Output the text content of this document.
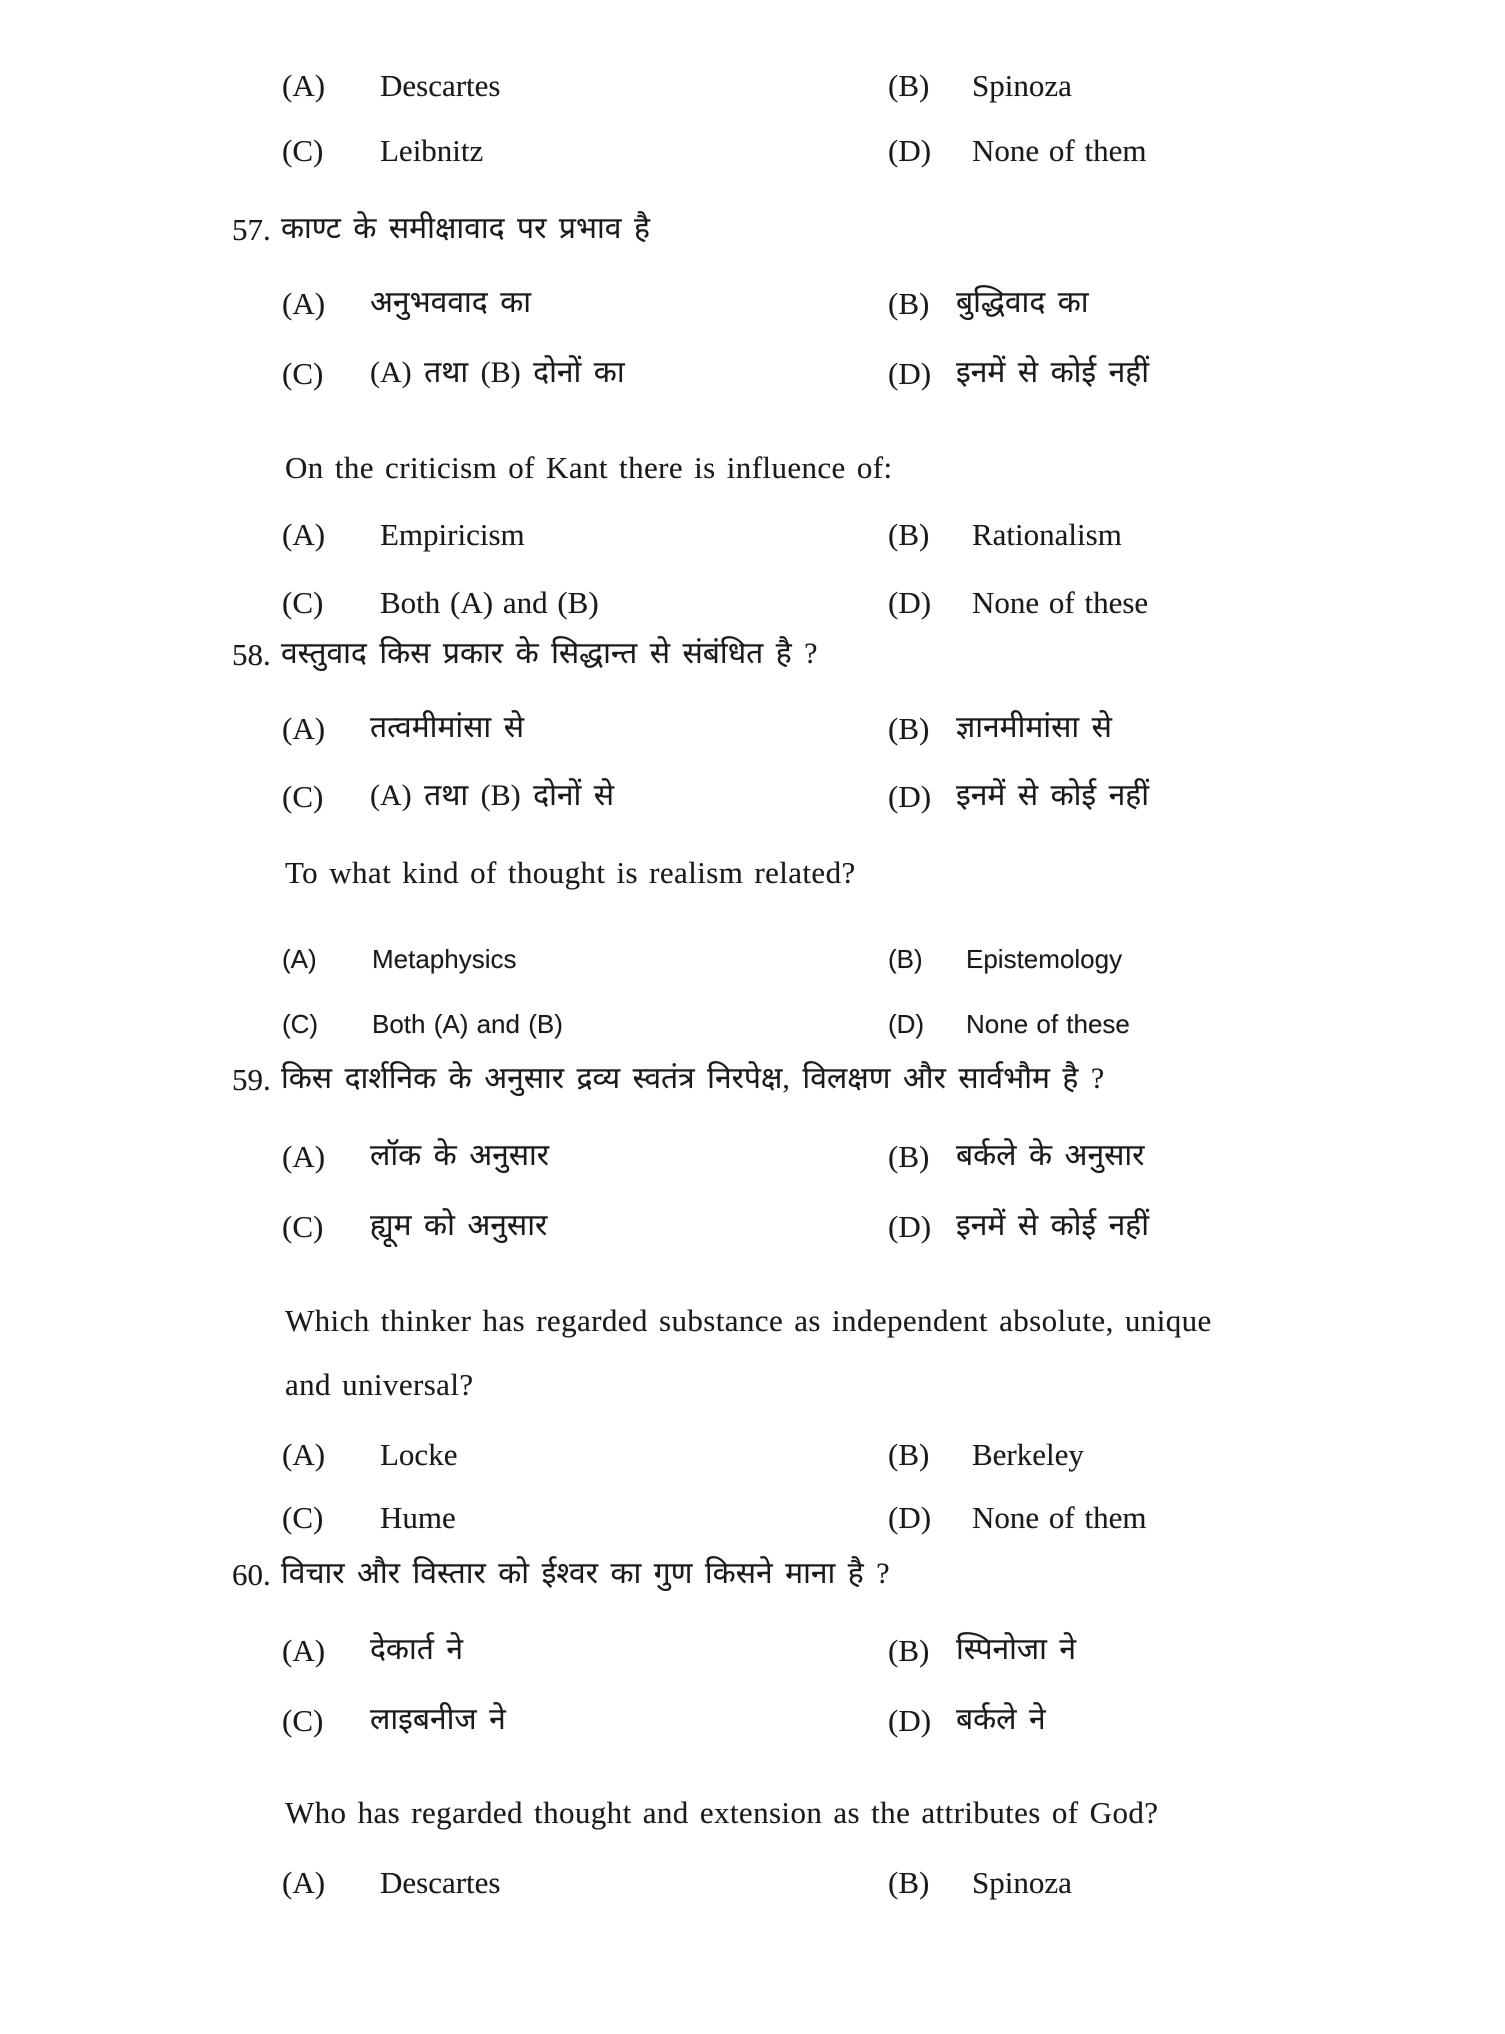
(A) Descartes	(B) Spinoza
(C) Leibnitz	(D) None of them
57. काण्ट के समीक्षावाद पर प्रभाव है
(A) अनुभववाद का	(B) बुद्धिवाद का
(C) (A) तथा (B) दोनों का	(D) इनमें से कोई नहीं
On the criticism of Kant there is influence of:
(A) Empiricism	(B) Rationalism
(C) Both (A) and (B)	(D) None of these
58. वस्तुवाद किस प्रकार के सिद्धान्त से संबंधित है ?
(A) तत्वमीमांसा से	(B) ज्ञानमीमांसा से
(C) (A) तथा (B) दोनों से	(D) इनमें से कोई नहीं
To what kind of thought is realism related?
(A) Metaphysics	(B) Epistemology
(C) Both (A) and (B)	(D) None of these
59. किस दार्शनिक के अनुसार द्रव्य स्वतंत्र निरपेक्ष, विलक्षण और सार्वभौम है ?
(A) लॉक के अनुसार	(B) बर्कले के अनुसार
(C) ह्यूम को अनुसार	(D) इनमें से कोई नहीं
Which thinker has regarded substance as independent absolute, unique
and universal?
(A) Locke	(B) Berkeley
(C) Hume	(D) None of them
60. विचार और विस्तार को ईश्वर का गुण किसने माना है ?
(A) देकार्त ने	(B) स्पिनोजा ने
(C) लाइबनीज ने	(D) बर्कले ने
Who has regarded thought and extension as the attributes of God?
(A) Descartes	(B) Spinoza
